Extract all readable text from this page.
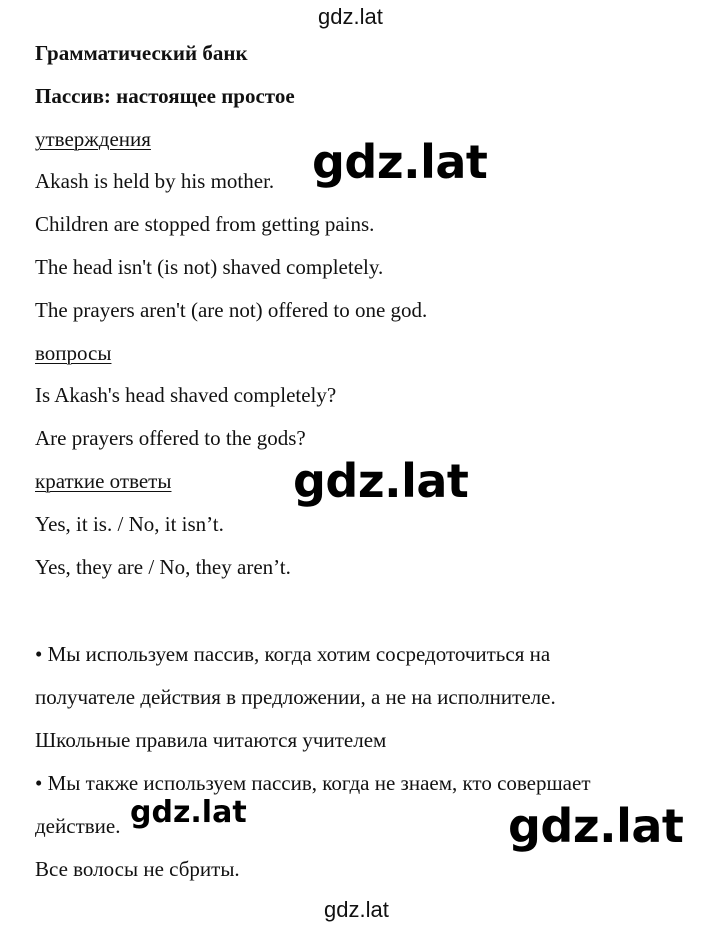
gdz.lat
gdz.lat
Грамматический банк
Пассив: настоящее простое
утверждения
Akash is held by his mother.
Children are stopped from getting pains.
The head isn't (is not) shaved completely.
The prayers aren't (are not) offered to one god.
вопросы
Is Akash's head shaved completely?
Are prayers offered to the gods?
краткие ответы
Yes, it is. / No, it isn’t.
Yes, they are / No, they aren’t.
• Мы используем пассив, когда хотим сосредоточиться на
получателе действия в предложении, а не на исполнителе.
Школьные правила читаются учителем
• Мы также используем пассив, когда не знаем, кто совершает
действие.
Все волосы не сбриты.
gdz.lat
gdz.lat
gdz.lat	gdz.lat
